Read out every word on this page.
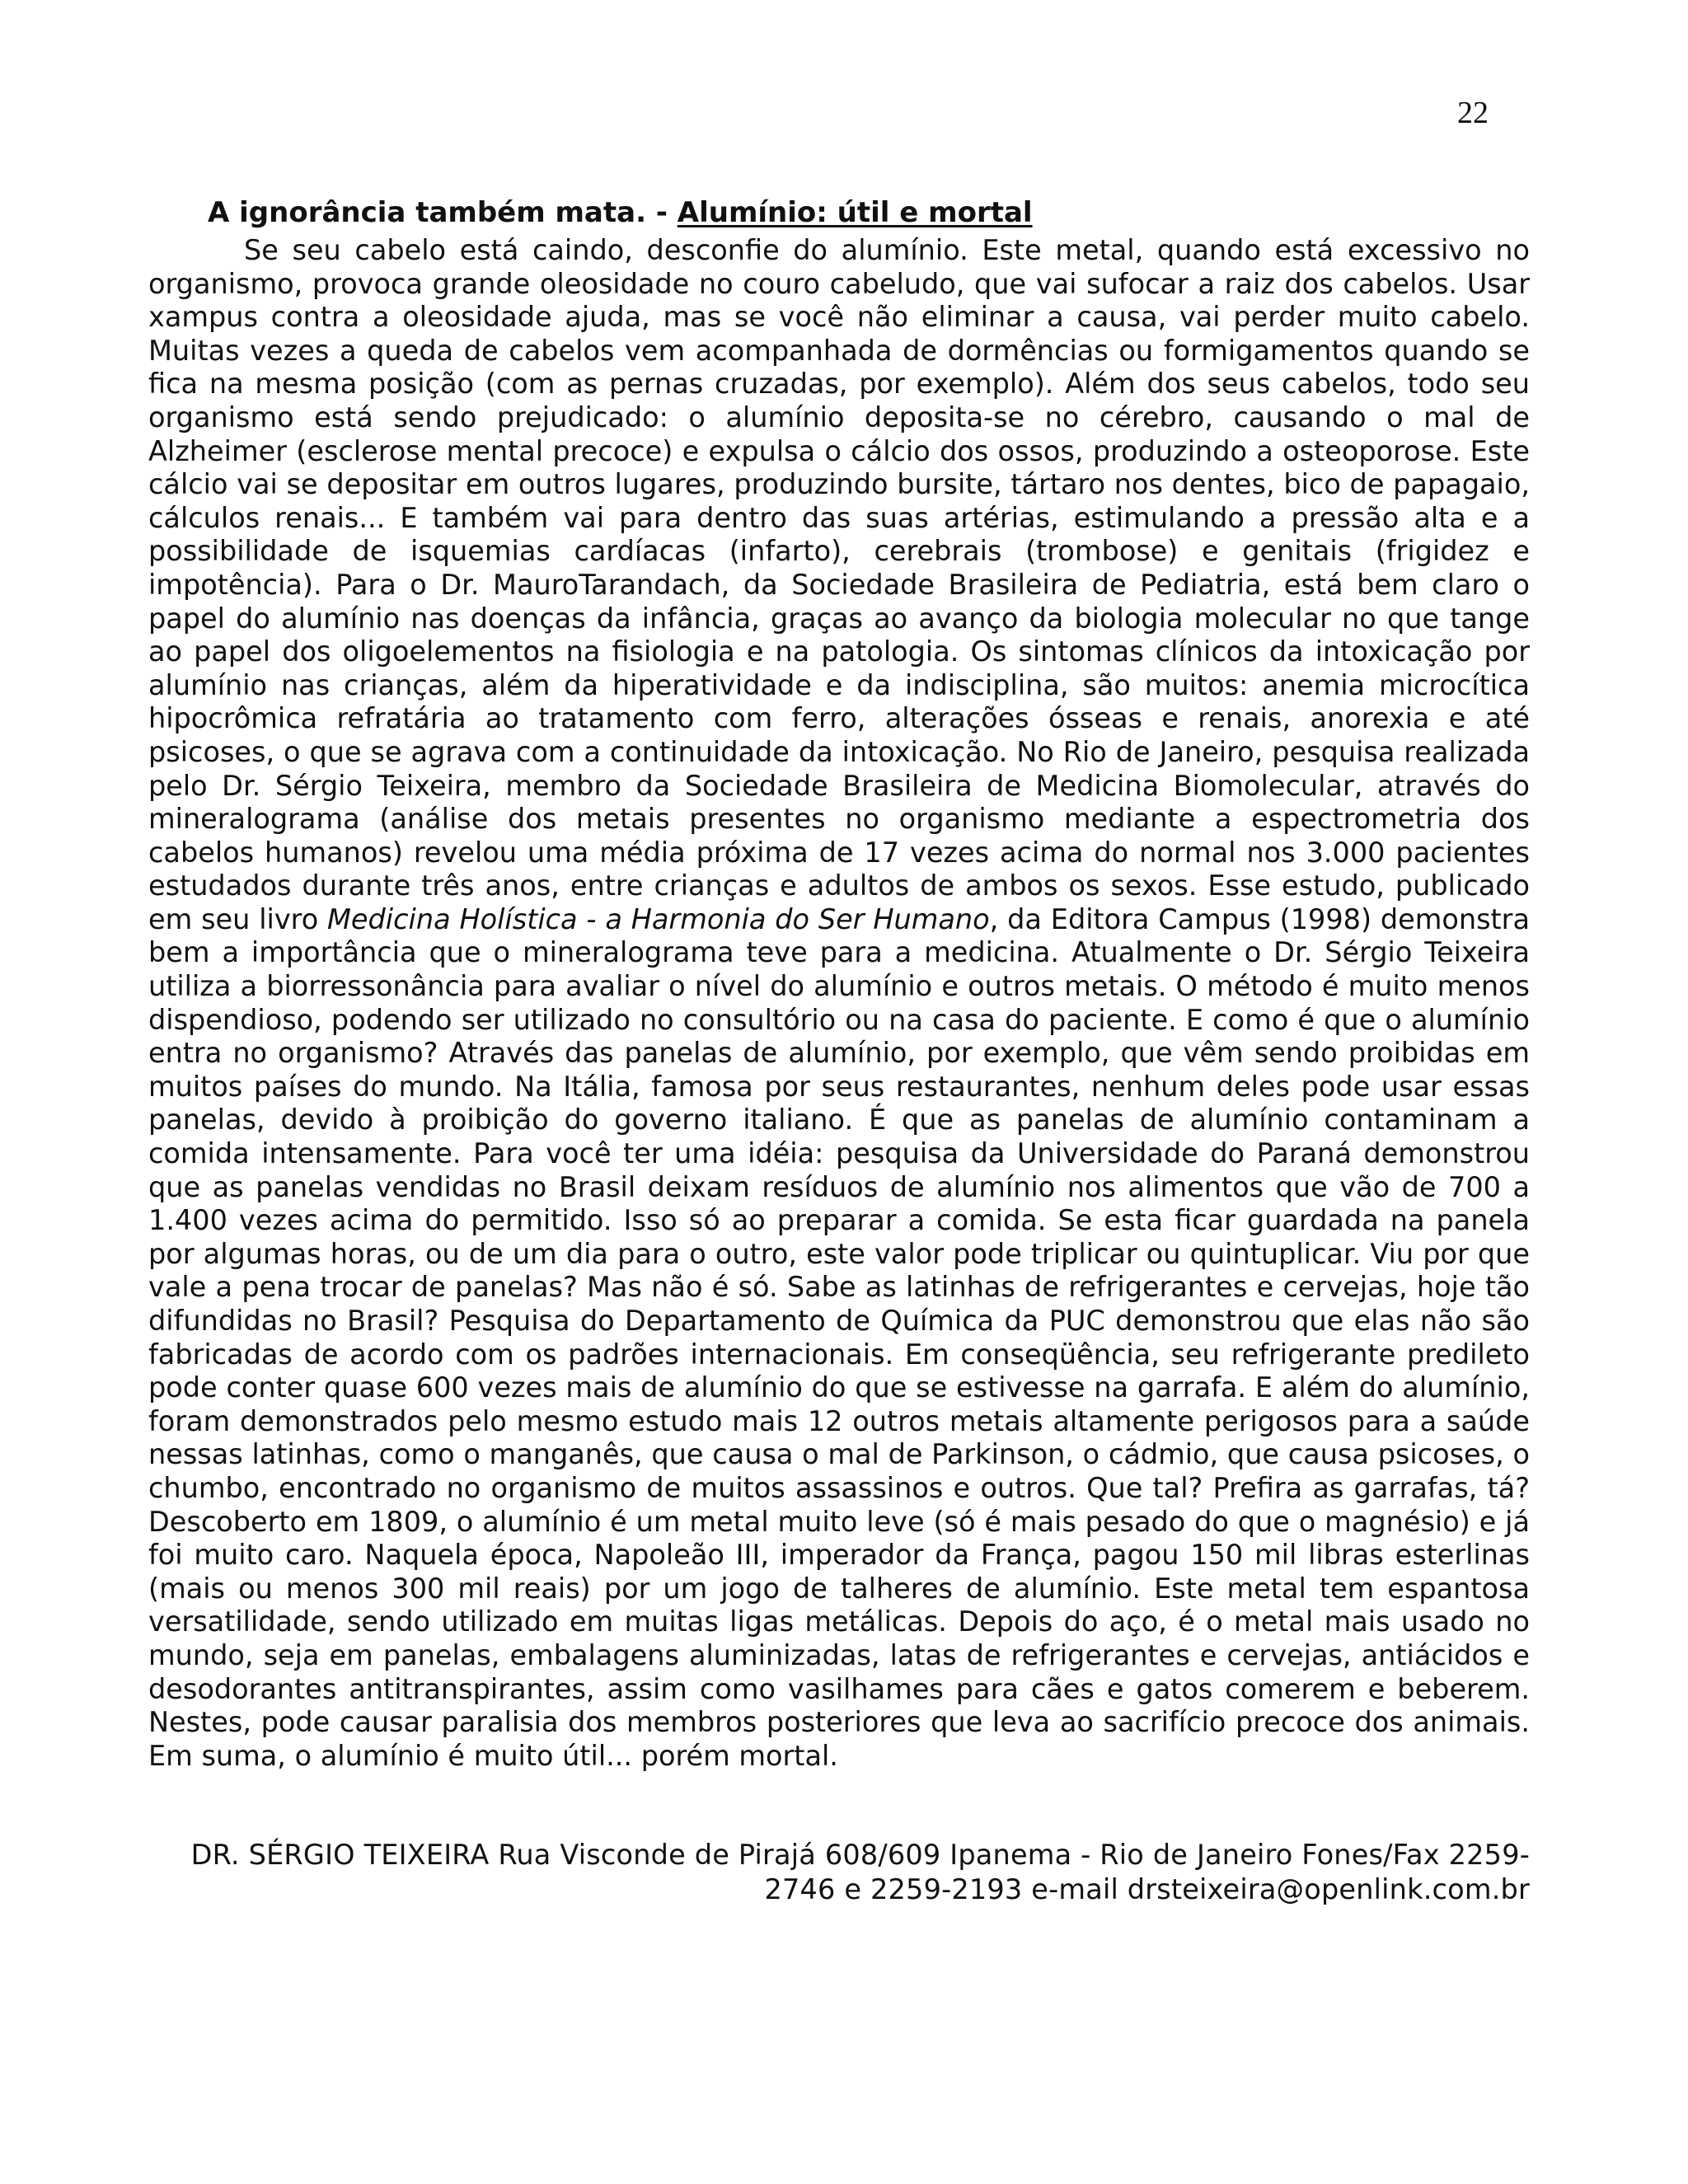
22
A ignorância também mata. - Alumínio: útil e mortal

Se seu cabelo está caindo, desconfie do alumínio. Este metal, quando está excessivo no organismo, provoca grande oleosidade no couro cabeludo, que vai sufocar a raiz dos cabelos. Usar xampus contra a oleosidade ajuda, mas se você não eliminar a causa, vai perder muito cabelo. Muitas vezes a queda de cabelos vem acompanhada de dormências ou formigamentos quando se fica na mesma posição (com as pernas cruzadas, por exemplo). Além dos seus cabelos, todo seu organismo está sendo prejudicado: o alumínio deposita-se no cérebro, causando o mal de Alzheimer (esclerose mental precoce) e expulsa o cálcio dos ossos, produzindo a osteoporose. Este cálcio vai se depositar em outros lugares, produzindo bursite, tártaro nos dentes, bico de papagaio, cálculos renais... E também vai para dentro das suas artérias, estimulando a pressão alta e a possibilidade de isquemias cardíacas (infarto), cerebrais (trombose) e genitais (frigidez e impotência). Para o Dr. MauroTarandach, da Sociedade Brasileira de Pediatria, está bem claro o papel do alumínio nas doenças da infância, graças ao avanço da biologia molecular no que tange ao papel dos oligoelementos na fisiologia e na patologia. Os sintomas clínicos da intoxicação por alumínio nas crianças, além da hiperatividade e da indisciplina, são muitos: anemia microcítica hipocrômica refratária ao tratamento com ferro, alterações ósseas e renais, anorexia e até psicoses, o que se agrava com a continuidade da intoxicação. No Rio de Janeiro, pesquisa realizada pelo Dr. Sérgio Teixeira, membro da Sociedade Brasileira de Medicina Biomolecular, através do mineralograma (análise dos metais presentes no organismo mediante a espectrometria dos cabelos humanos) revelou uma média próxima de 17 vezes acima do normal nos 3.000 pacientes estudados durante três anos, entre crianças e adultos de ambos os sexos. Esse estudo, publicado em seu livro Medicina Holística - a Harmonia do Ser Humano, da Editora Campus (1998) demonstra bem a importância que o mineralograma teve para a medicina. Atualmente o Dr. Sérgio Teixeira utiliza a biorressonância para avaliar o nível do alumínio e outros metais. O método é muito menos dispendioso, podendo ser utilizado no consultório ou na casa do paciente. E como é que o alumínio entra no organismo? Através das panelas de alumínio, por exemplo, que vêm sendo proibidas em muitos países do mundo. Na Itália, famosa por seus restaurantes, nenhum deles pode usar essas panelas, devido à proibição do governo italiano. É que as panelas de alumínio contaminam a comida intensamente. Para você ter uma idéia: pesquisa da Universidade do Paraná demonstrou que as panelas vendidas no Brasil deixam resíduos de alumínio nos alimentos que vão de 700 a 1.400 vezes acima do permitido. Isso só ao preparar a comida. Se esta ficar guardada na panela por algumas horas, ou de um dia para o outro, este valor pode triplicar ou quintuplicar. Viu por que vale a pena trocar de panelas? Mas não é só. Sabe as latinhas de refrigerantes e cervejas, hoje tão difundidas no Brasil? Pesquisa do Departamento de Química da PUC demonstrou que elas não são fabricadas de acordo com os padrões internacionais. Em conseqüência, seu refrigerante predileto pode conter quase 600 vezes mais de alumínio do que se estivesse na garrafa. E além do alumínio, foram demonstrados pelo mesmo estudo mais 12 outros metais altamente perigosos para a saúde nessas latinhas, como o manganês, que causa o mal de Parkinson, o cádmio, que causa psicoses, o chumbo, encontrado no organismo de muitos assassinos e outros. Que tal? Prefira as garrafas, tá?

Descoberto em 1809, o alumínio é um metal muito leve (só é mais pesado do que o magnésio) e já foi muito caro. Naquela época, Napoleão III, imperador da França, pagou 150 mil libras esterlinas (mais ou menos 300 mil reais) por um jogo de talheres de alumínio. Este metal tem espantosa versatilidade, sendo utilizado em muitas ligas metálicas. Depois do aço, é o metal mais usado no mundo, seja em panelas, embalagens aluminizadas, latas de refrigerantes e cervejas, antiácidos e desodorantes antitranspirantes, assim como vasilhames para cães e gatos comerem e beberem. Nestes, pode causar paralisia dos membros posteriores que leva ao sacrifício precoce dos animais. Em suma, o alumínio é muito útil... porém mortal.

DR. SÉRGIO TEIXEIRA Rua Visconde de Pirajá 608/609 Ipanema - Rio de Janeiro Fones/Fax 2259-
2746 e 2259-2193 e-mail drsteixeira@openlink.com.br
